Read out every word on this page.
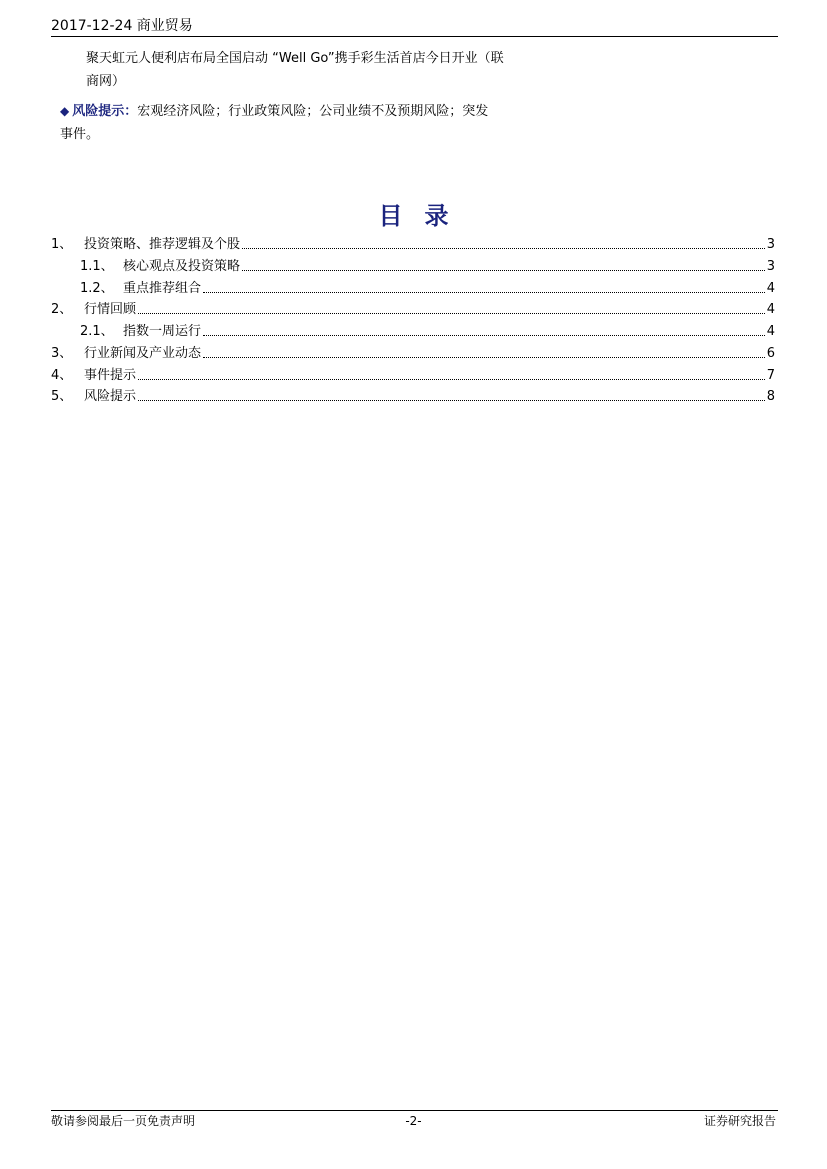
2017-12-24 商业贸易
聚天虹元人便利店布局全国启动 “Well Go”携手彩生活首店今日开业（联
商网）
◆ 风险提示：宏观经济风险；行业政策风险；公司业绩不及预期风险；突发
事件。
目录
1、 投资策略、推荐逻辑及个股	3
1.1、 核心观点及投资策略	3
1.2、 重点推荐组合	4
2、 行情回顾	4
2.1、 指数一周运行	4
3、 行业新闻及产业动态	6
4、 事件提示	7
5、 风险提示	8
敬请参阅最后一页免责声明	-2-	证券研究报告
